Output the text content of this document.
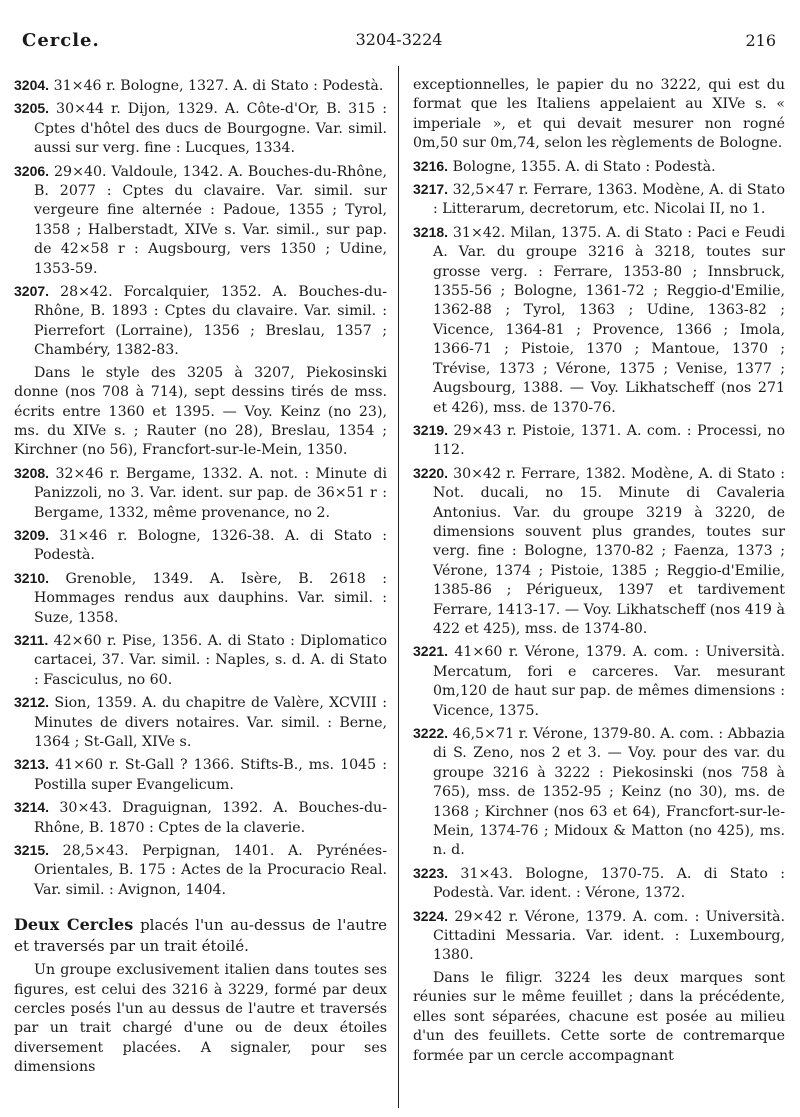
Cercle.	3204-3224	216

3204. 31×46 r. Bologne, 1327. A. di Stato : Podestà.

3205. 30×44 r. Dijon, 1329. A. Côte-d'Or, B. 315 : Cptes d'hôtel des ducs de Bourgogne. Var. simil. aussi sur verg. fine : Lucques, 1334.

3206. 29×40. Valdoule, 1342. A. Bouches-du-Rhône, B. 2077 : Cptes du clavaire. Var. simil. sur vergeure fine alternée : Padoue, 1355 ; Tyrol, 1358 ; Halberstadt, XIVe s. Var. simil., sur pap. de 42×58 r : Augsbourg, vers 1350 ; Udine, 1353-59.

3207. 28×42. Forcalquier, 1352. A. Bouches-du-Rhône, B. 1893 : Cptes du clavaire. Var. simil. : Pierrefort (Lorraine), 1356 ; Breslau, 1357 ; Chambéry, 1382-83.

Dans le style des 3205 à 3207, Piekosinski donne (nos 708 à 714), sept dessins tirés de mss. écrits entre 1360 et 1395. — Voy. Keinz (no 23), ms. du XIVe s. ; Rauter (no 28), Breslau, 1354 ; Kirchner (no 56), Francfort-sur-le-Mein, 1350.

3208. 32×46 r. Bergame, 1332. A. not. : Minute di Panizzoli, no 3. Var. ident. sur pap. de 36×51 r : Bergame, 1332, même provenance, no 2.

3209. 31×46 r. Bologne, 1326-38. A. di Stato : Podestà.

3210. Grenoble, 1349. A. Isère, B. 2618 : Hommages rendus aux dauphins. Var. simil. : Suze, 1358.

3211. 42×60 r. Pise, 1356. A. di Stato : Diplomatico cartacei, 37. Var. simil. : Naples, s. d. A. di Stato : Fasciculus, no 60.

3212. Sion, 1359. A. du chapitre de Valère, XCVIII : Minutes de divers notaires. Var. simil. : Berne, 1364 ; St-Gall, XIVe s.

3213. 41×60 r. St-Gall ? 1366. Stifts-B., ms. 1045 : Postilla super Evangelicum.

3214. 30×43. Draguignan, 1392. A. Bouches-du-Rhône, B. 1870 : Cptes de la claverie.

3215. 28,5×43. Perpignan, 1401. A. Pyrénées-Orientales, B. 175 : Actes de la Procuracio Real. Var. simil. : Avignon, 1404.

Deux Cercles placés l'un au-dessus de l'autre et traversés par un trait étoilé.

Un groupe exclusivement italien dans toutes ses figures, est celui des 3216 à 3229, formé par deux cercles posés l'un au dessus de l'autre et traversés par un trait chargé d'une ou de deux étoiles diversement placées. A signaler, pour ses dimensions

exceptionnelles, le papier du no 3222, qui est du format que les Italiens appelaient au XIVe s. « imperiale », et qui devait mesurer non rogné 0m,50 sur 0m,74, selon les règlements de Bologne.

3216. Bologne, 1355. A. di Stato : Podestà.

3217. 32,5×47 r. Ferrare, 1363. Modène, A. di Stato : Litterarum, decretorum, etc. Nicolai II, no 1.

3218. 31×42. Milan, 1375. A. di Stato : Paci e Feudi A. Var. du groupe 3216 à 3218, toutes sur grosse verg. : Ferrare, 1353-80 ; Innsbruck, 1355-56 ; Bologne, 1361-72 ; Reggio-d'Emilie, 1362-88 ; Tyrol, 1363 ; Udine, 1363-82 ; Vicence, 1364-81 ; Provence, 1366 ; Imola, 1366-71 ; Pistoie, 1370 ; Mantoue, 1370 ; Trévise, 1373 ; Vérone, 1375 ; Venise, 1377 ; Augsbourg, 1388. — Voy. Likhatscheff (nos 271 et 426), mss. de 1370-76.

3219. 29×43 r. Pistoie, 1371. A. com. : Processi, no 112.

3220. 30×42 r. Ferrare, 1382. Modène, A. di Stato : Not. ducali, no 15. Minute di Cavaleria Antonius. Var. du groupe 3219 à 3220, de dimensions souvent plus grandes, toutes sur verg. fine : Bologne, 1370-82 ; Faenza, 1373 ; Vérone, 1374 ; Pistoie, 1385 ; Reggio-d'Emilie, 1385-86 ; Périgueux, 1397 et tardivement Ferrare, 1413-17. — Voy. Likhatscheff (nos 419 à 422 et 425), mss. de 1374-80.

3221. 41×60 r. Vérone, 1379. A. com. : Università. Mercatum, fori e carceres. Var. mesurant 0m,120 de haut sur pap. de mêmes dimensions : Vicence, 1375.

3222. 46,5×71 r. Vérone, 1379-80. A. com. : Abbazia di S. Zeno, nos 2 et 3. — Voy. pour des var. du groupe 3216 à 3222 : Piekosinski (nos 758 à 765), mss. de 1352-95 ; Keinz (no 30), ms. de 1368 ; Kirchner (nos 63 et 64), Francfort-sur-le-Mein, 1374-76 ; Midoux & Matton (no 425), ms. n. d.

3223. 31×43. Bologne, 1370-75. A. di Stato : Podestà. Var. ident. : Vérone, 1372.

3224. 29×42 r. Vérone, 1379. A. com. : Università. Cittadini Messaria. Var. ident. : Luxembourg, 1380.

Dans le filigr. 3224 les deux marques sont réunies sur le même feuillet ; dans la précédente, elles sont séparées, chacune est posée au milieu d'un des feuillets. Cette sorte de contremarque formée par un cercle accompagnant
